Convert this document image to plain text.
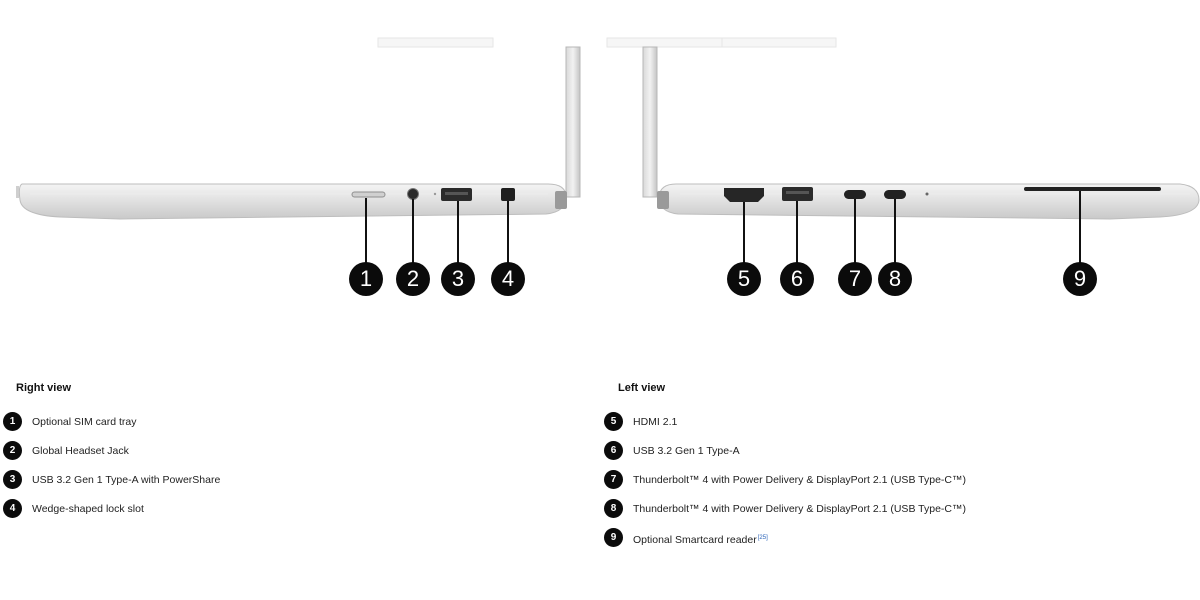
1	2	3	4	5	6	7	8	9
Right view
1	Optional SIM card tray
2	Global Headset Jack
3	USB 3.2 Gen 1 Type-A with PowerShare
4	Wedge-shaped lock slot
Left view
5	HDMI 2.1
6	USB 3.2 Gen 1 Type-A
7	Thunderbolt™ 4 with Power Delivery & DisplayPort 2.1 (USB Type-C™)
8	Thunderbolt™ 4 with Power Delivery & DisplayPort 2.1 (USB Type-C™)
9	Optional Smartcard reader[25]
